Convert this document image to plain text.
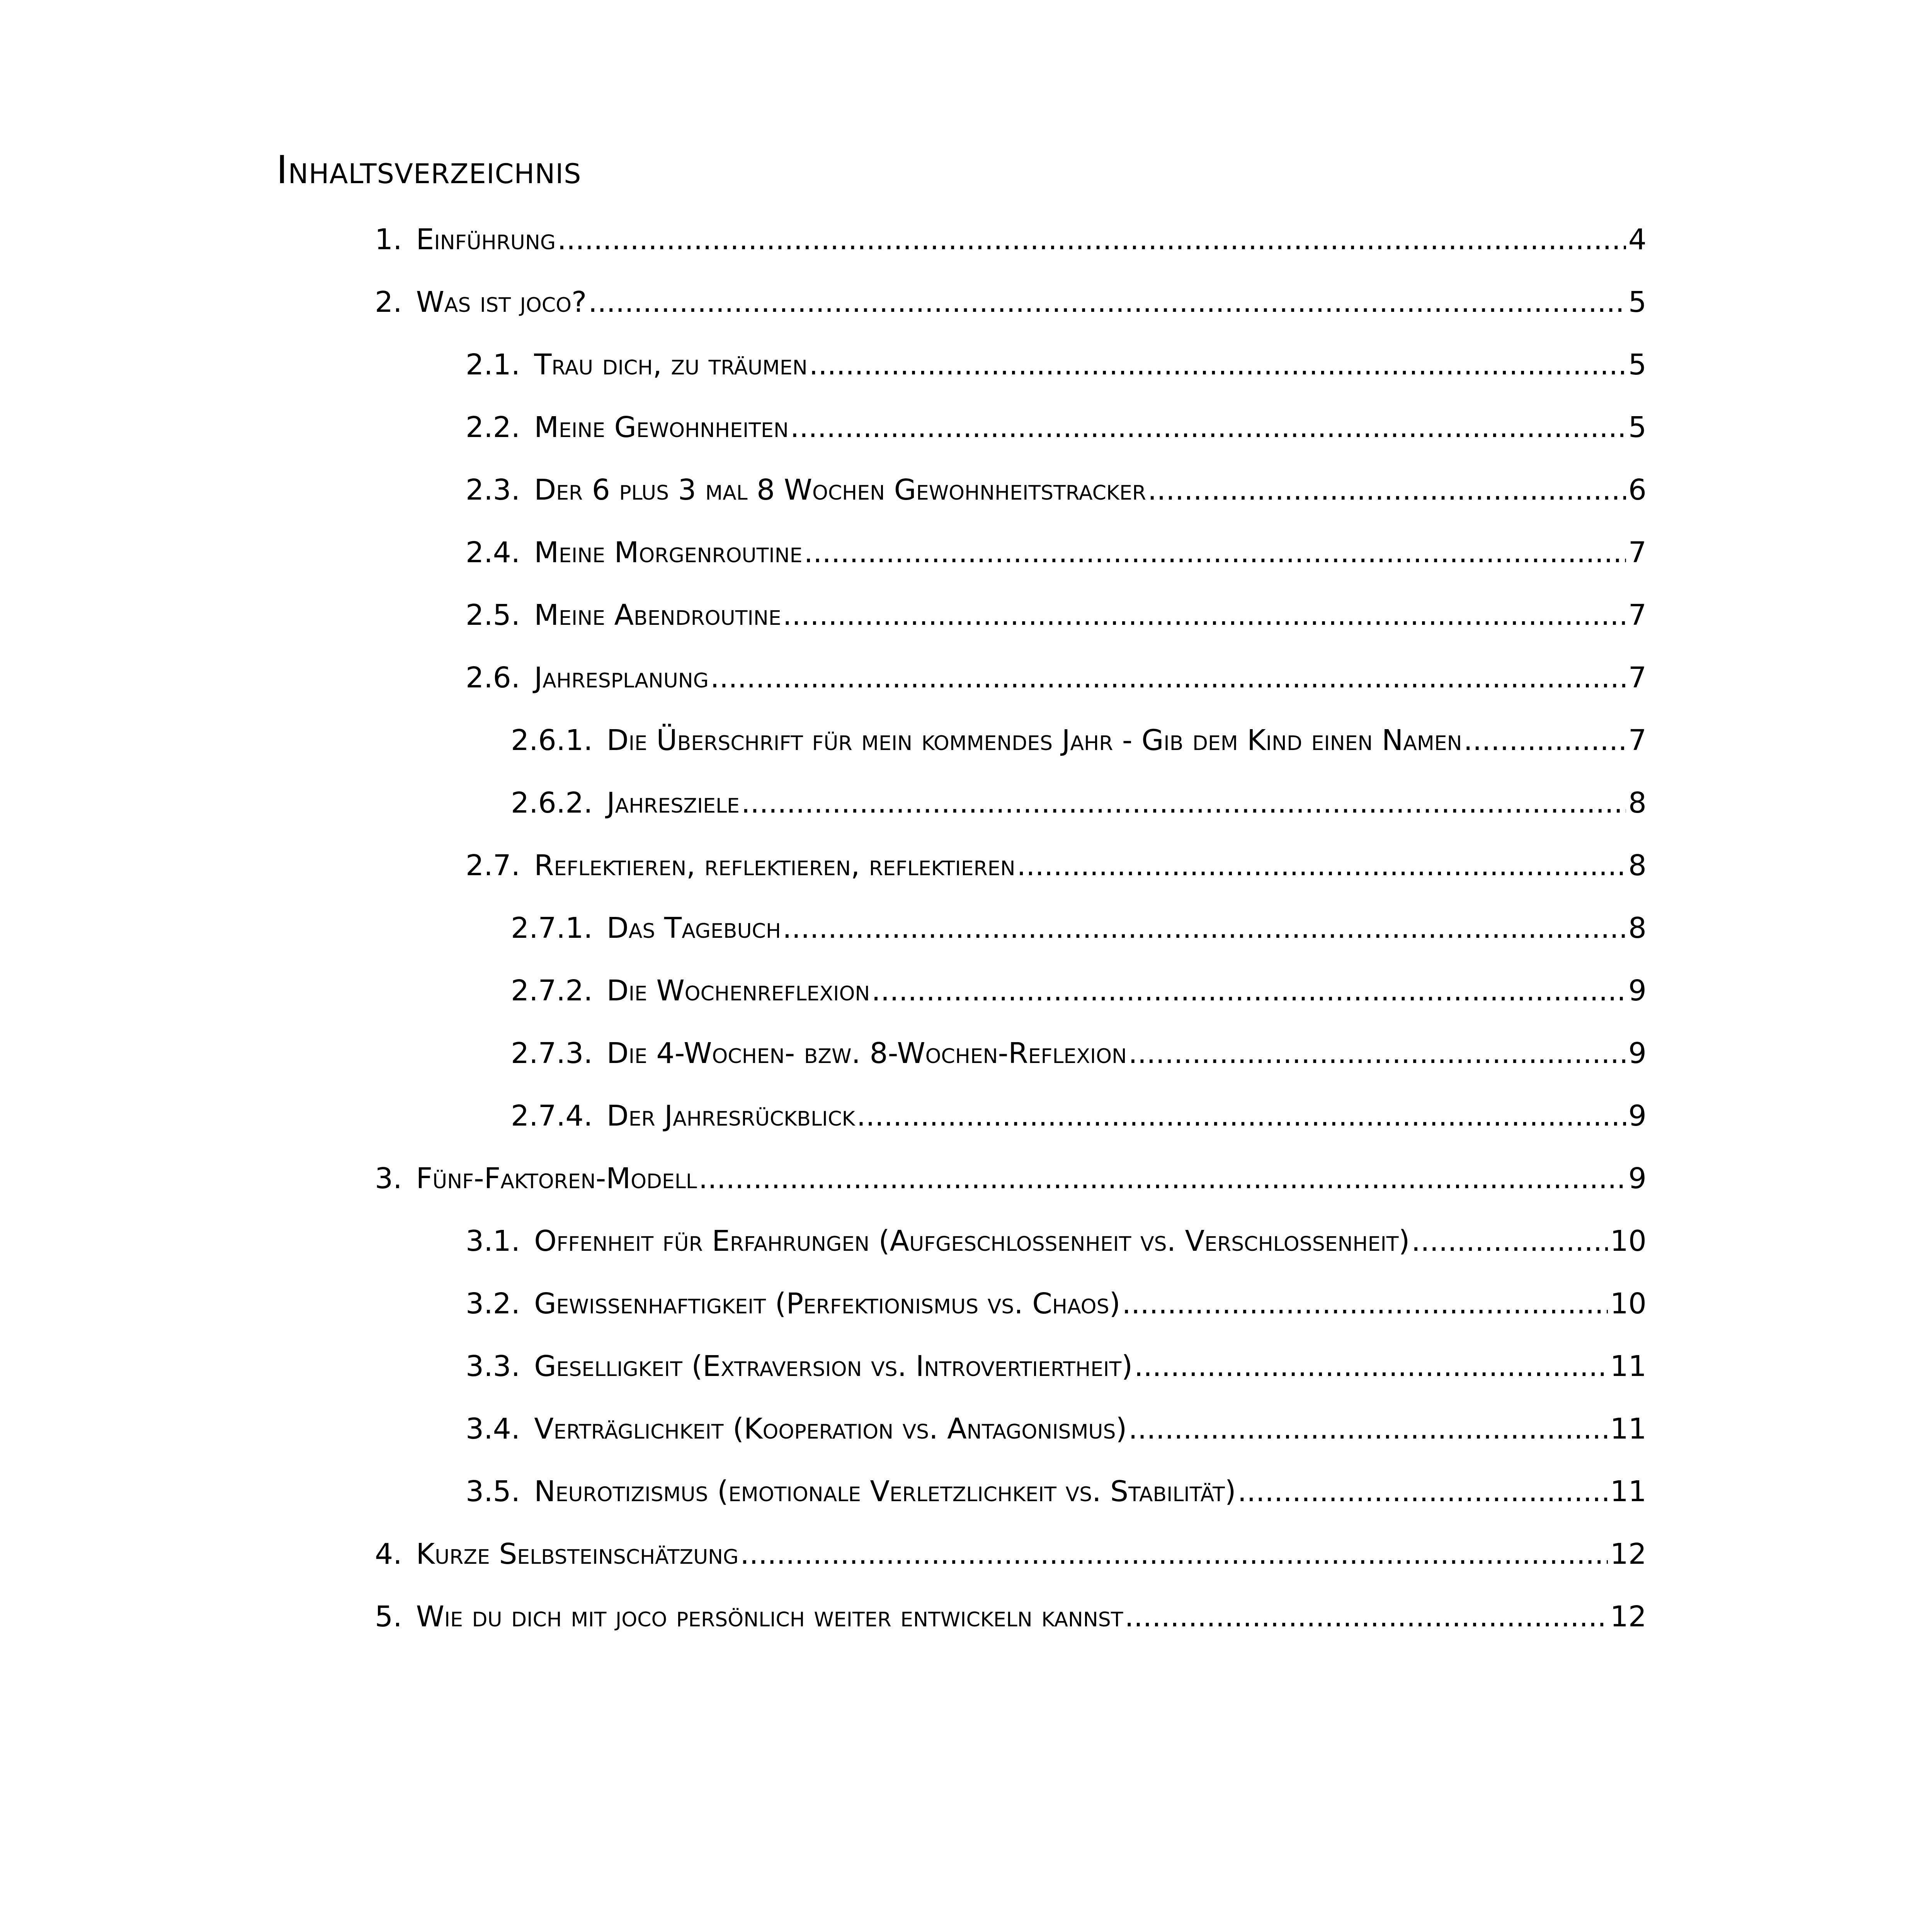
Inhaltsverzeichnis
1. Einführung .....	4
2. Was ist joco? .....	5
2.1. Trau dich, zu träumen .....	5
2.2. Meine Gewohnheiten .....	5
2.3. Der 6 plus 3 mal 8 Wochen Gewohnheitstracker .....	6
2.4. Meine Morgenroutine .....	7
2.5. Meine Abendroutine .....	7
2.6. Jahresplanung .....	7
2.6.1. Die Überschrift für mein kommendes Jahr - Gib dem Kind einen Namen .....	7
2.6.2. Jahresziele .....	8
2.7. Reflektieren, reflektieren, reflektieren .....	8
2.7.1. Das Tagebuch .....	8
2.7.2. Die Wochenreflexion .....	9
2.7.3. Die 4-Wochen- bzw. 8-Wochen-Reflexion .....	9
2.7.4. Der Jahresrückblick .....	9
3. Fünf-Faktoren-Modell .....	9
3.1. Offenheit für Erfahrungen (Aufgeschlossenheit vs. Verschlossenheit) .....	10
3.2. Gewissenhaftigkeit (Perfektionismus vs. Chaos) .....	10
3.3. Geselligkeit (Extraversion vs. Introvertiertheit) .....	11
3.4. Verträglichkeit (Kooperation vs. Antagonismus) .....	11
3.5. Neurotizismus (emotionale Verletzlichkeit vs. Stabilität) .....	11
4. Kurze Selbsteinschätzung .....	12
5. Wie du dich mit joco persönlich weiter entwickeln kannst .....	12
